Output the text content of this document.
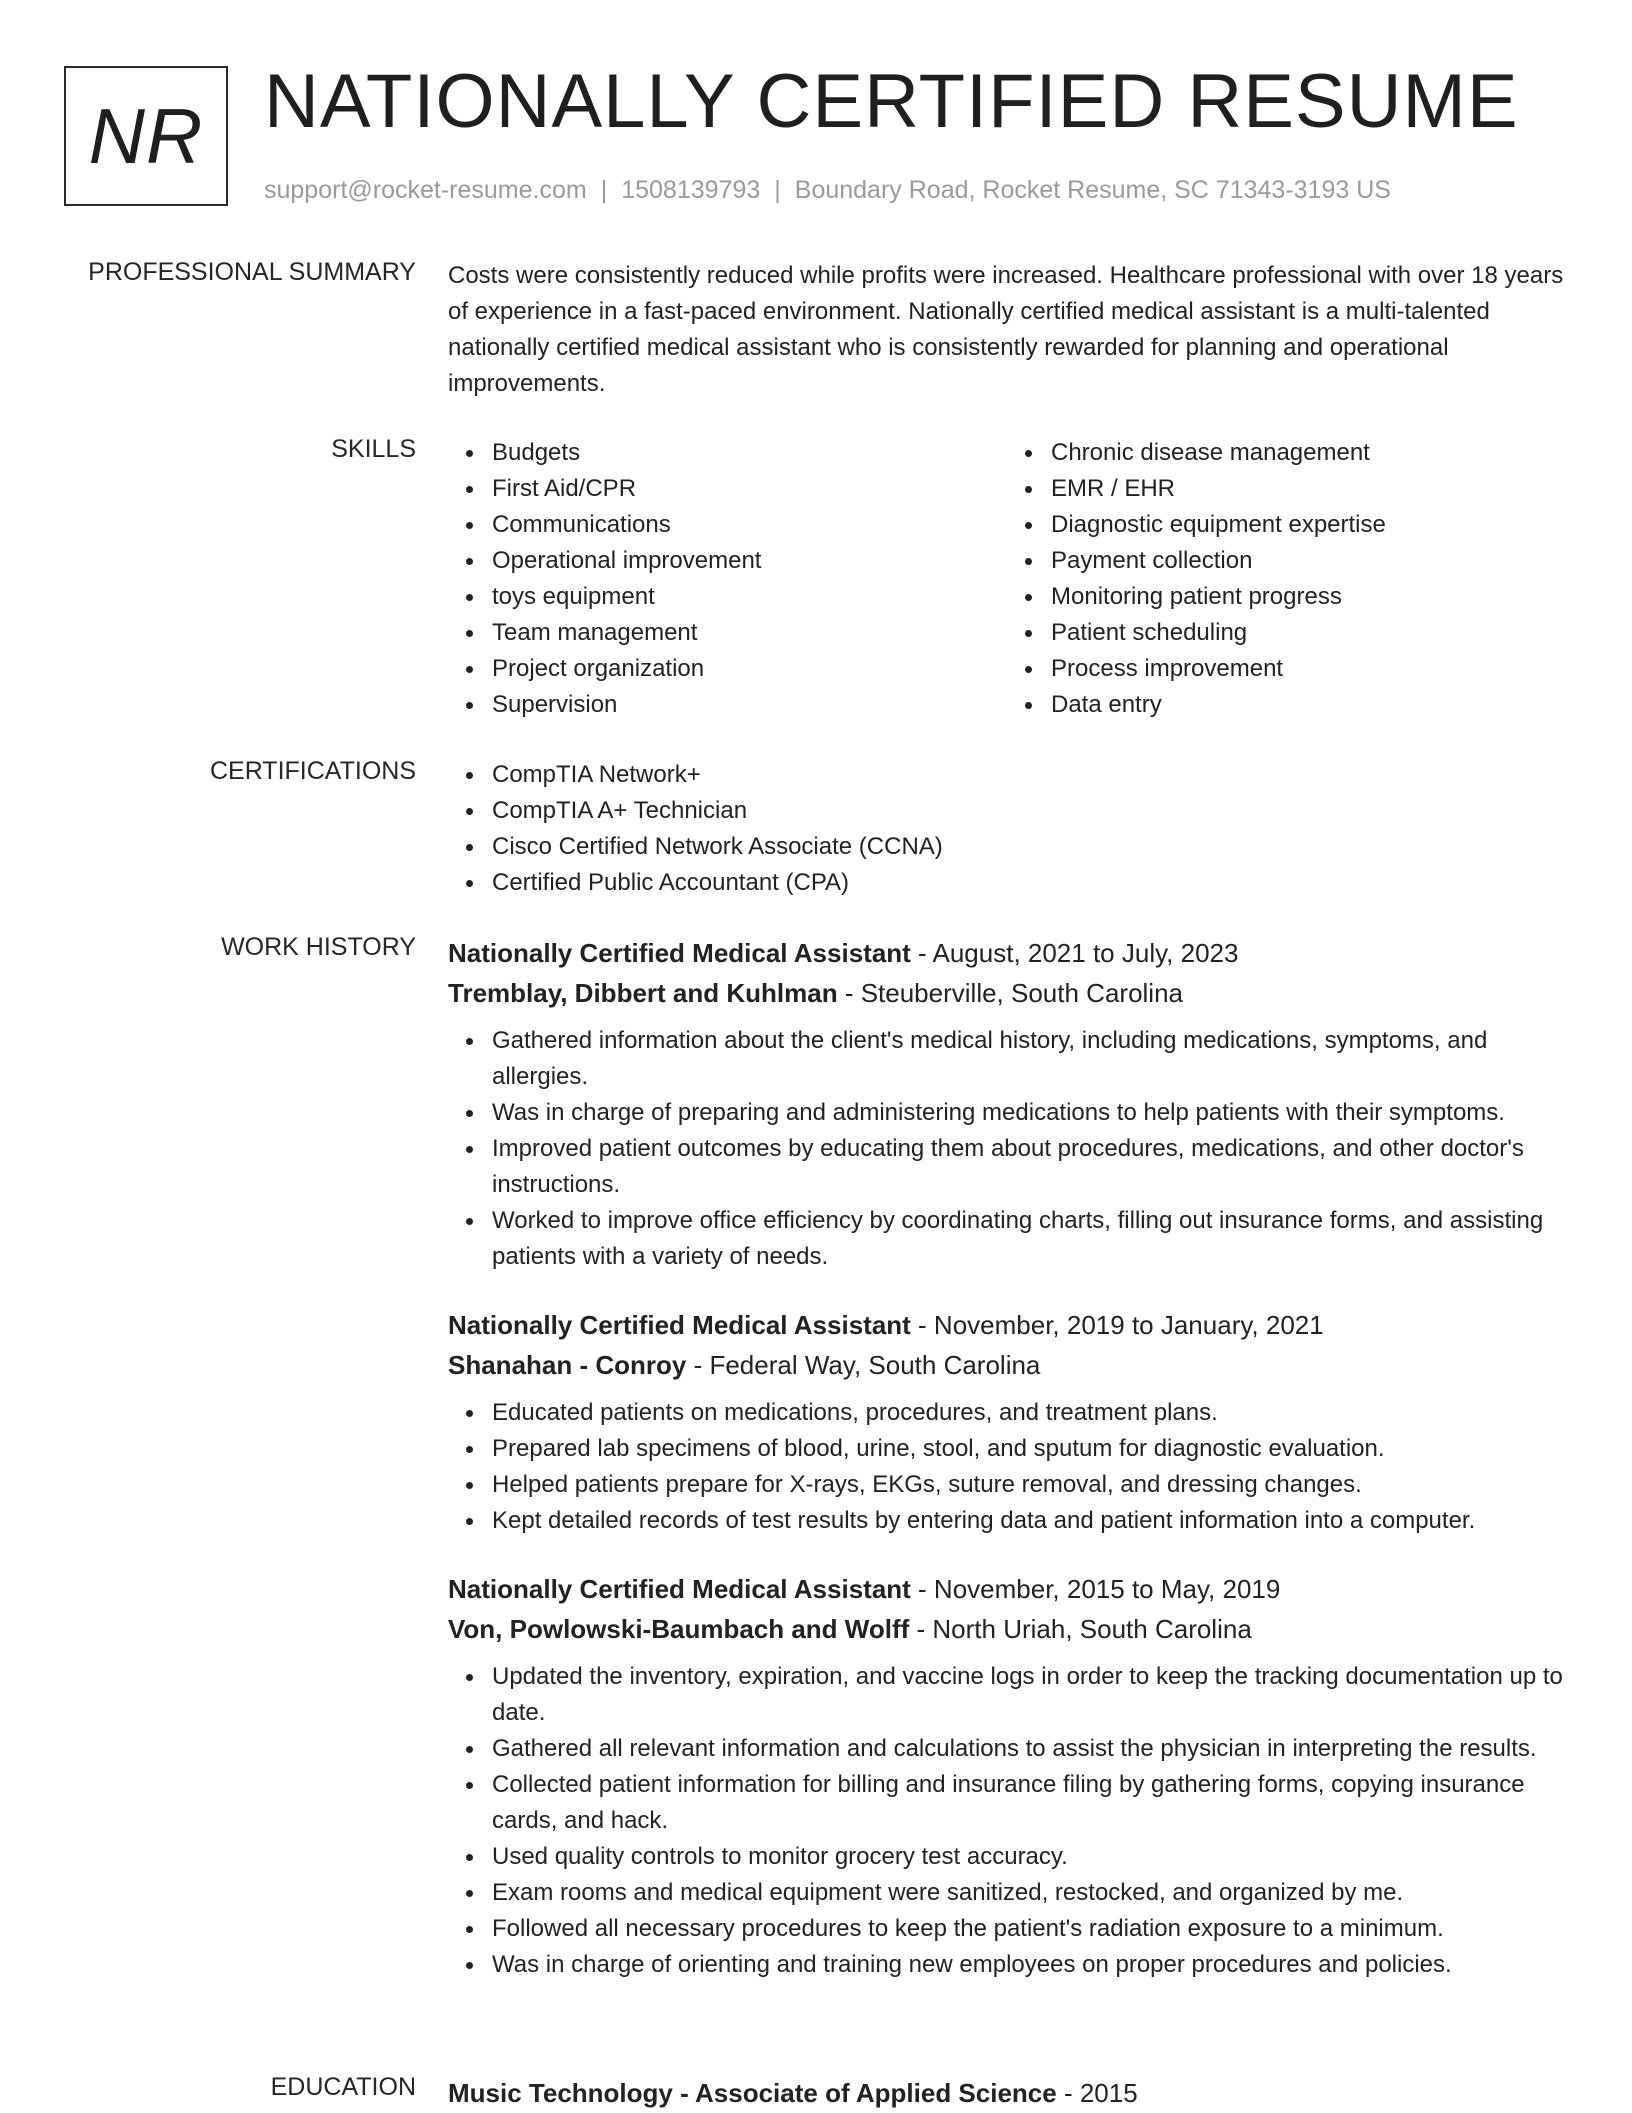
NR NATIONALLY CERTIFIED RESUME
support@rocket-resume.com | 1508139793 | Boundary Road, Rocket Resume, SC 71343-3193 US
PROFESSIONAL SUMMARY Costs were consistently reduced while profits were increased. Healthcare professional with over 18 years of experience in a fast-paced environment. Nationally certified medical assistant is a multi-talented nationally certified medical assistant who is consistently rewarded for planning and operational improvements.

SKILLS	Budgets
First Aid/CPR
Communications
Operational improvement
toys equipment
Team management
Project organization
Supervision
Chronic disease management
EMR / EHR
Diagnostic equipment expertise
Payment collection
Monitoring patient progress
Patient scheduling
Process improvement
Data entry
CERTIFICATIONS	CompTIA Network+
CompTIA A+ Technician
Cisco Certified Network Associate (CCNA)
Certified Public Accountant (CPA)
WORK HISTORY Nationally Certified Medical Assistant - August, 2021 to July, 2023
Tremblay, Dibbert and Kuhlman - Steuberville, South Carolina
Gathered information about the client's medical history, including medications, symptoms, and allergies.
Was in charge of preparing and administering medications to help patients with their symptoms.
Improved patient outcomes by educating them about procedures, medications, and other doctor's instructions.
Worked to improve office efficiency by coordinating charts, filling out insurance forms, and assisting patients with a variety of needs.
Nationally Certified Medical Assistant - November, 2019 to January, 2021
Shanahan - Conroy - Federal Way, South Carolina
Educated patients on medications, procedures, and treatment plans.
Prepared lab specimens of blood, urine, stool, and sputum for diagnostic evaluation.
Helped patients prepare for X-rays, EKGs, suture removal, and dressing changes.
Kept detailed records of test results by entering data and patient information into a computer.
Nationally Certified Medical Assistant - November, 2015 to May, 2019
Von, Powlowski-Baumbach and Wolff - North Uriah, South Carolina
Updated the inventory, expiration, and vaccine logs in order to keep the tracking documentation up to date.
Gathered all relevant information and calculations to assist the physician in interpreting the results.
Collected patient information for billing and insurance filing by gathering forms, copying insurance cards, and hack.
Used quality controls to monitor grocery test accuracy.
Exam rooms and medical equipment were sanitized, restocked, and organized by me.
Followed all necessary procedures to keep the patient's radiation exposure to a minimum.
Was in charge of orienting and training new employees on proper procedures and policies.
EDUCATION Music Technology - Associate of Applied Science - 2015
